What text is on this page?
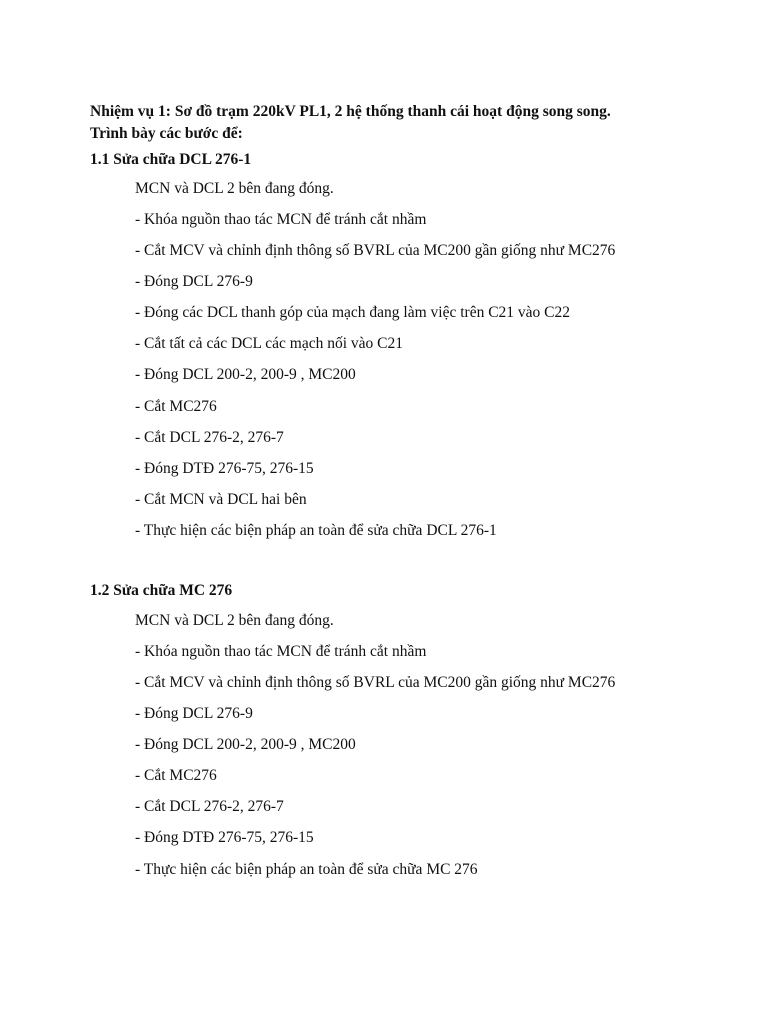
Nhiệm vụ 1: Sơ đồ trạm 220kV PL1, 2 hệ thống thanh cái hoạt động song song.
Trình bày các bước để:

1.1 Sửa chữa DCL 276-1

MCN và DCL 2 bên đang đóng.

- Khóa nguồn thao tác MCN để tránh cắt nhầm

- Cắt MCV và chỉnh định thông số BVRL của MC200 gần giống như MC276

- Đóng DCL 276-9

- Đóng các DCL thanh góp của mạch đang làm việc trên C21 vào C22

- Cắt tất cả các DCL các mạch nối vào C21

- Đóng DCL 200-2, 200-9 , MC200

- Cắt MC276

- Cắt DCL 276-2, 276-7

- Đóng DTĐ 276-75, 276-15

- Cắt MCN và DCL hai bên

- Thực hiện các biện pháp an toàn để sửa chữa DCL 276-1

1.2 Sửa chữa MC 276

MCN và DCL 2 bên đang đóng.

- Khóa nguồn thao tác MCN để tránh cắt nhầm

- Cắt MCV và chỉnh định thông số BVRL của MC200 gần giống như MC276

- Đóng DCL 276-9

- Đóng DCL 200-2, 200-9 , MC200

- Cắt MC276

- Cắt DCL 276-2, 276-7

- Đóng DTĐ 276-75, 276-15

- Thực hiện các biện pháp an toàn để sửa chữa MC 276
